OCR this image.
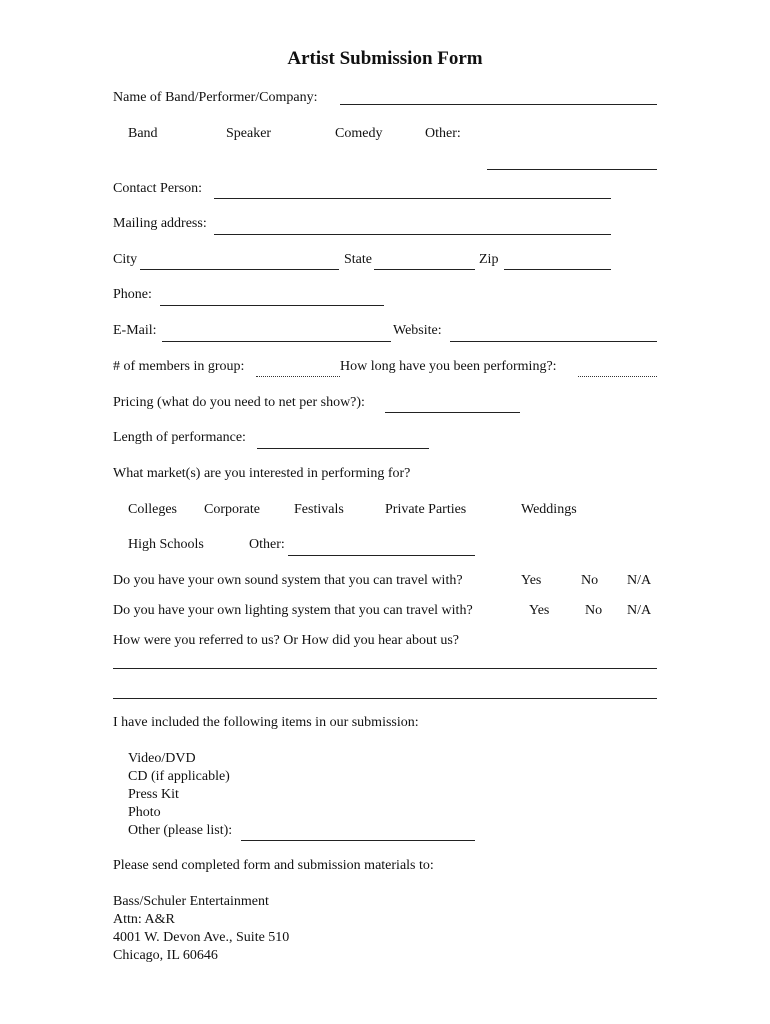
Artist Submission Form
Name of Band/Performer/Company:
Band	Speaker	Comedy	Other:
Contact Person:
Mailing address:
City	State	Zip
Phone:
E-Mail:	Website:
# of members in group:	How long have you been performing?:
Pricing (what do you need to net per show?):
Length of performance:
What market(s) are you interested in performing for?
Colleges Corporate Festivals	Private Parties	Weddings
High Schools	Other:
Do you have your own sound system that you can travel with?	Yes	No N/A
Do you have your own lighting system that you can travel with?	Yes	No N/A
How were you referred to us? Or How did you hear about us?
I have included the following items in our submission:
Video/DVD
CD (if applicable)
Press Kit
Photo
Other (please list):
Please send completed form and submission materials to:
Bass/Schuler Entertainment
Attn: A&R
4001 W. Devon Ave., Suite 510
Chicago, IL 60646
